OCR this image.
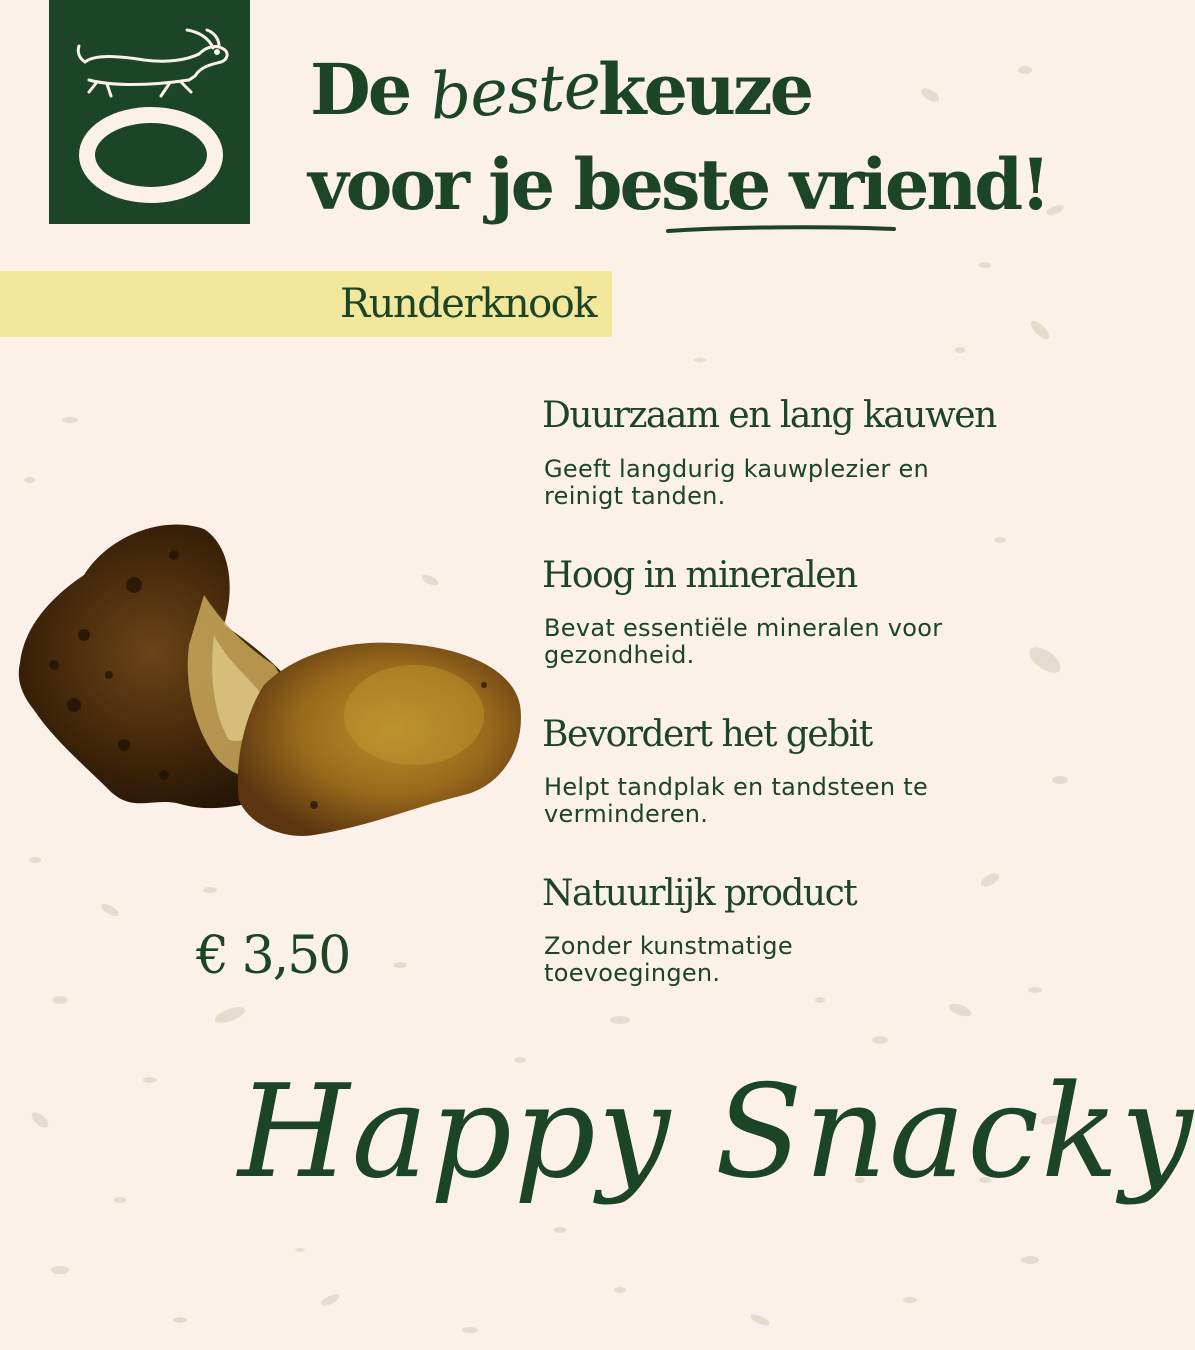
De beste
keuze
voor je beste vriend!
Runderknook
€ 3,50
Duurzaam en lang kauwen
Geeft langdurig kauwplezier en reinigt tanden.
Hoog in mineralen
Bevat essentiële mineralen voor gezondheid.
Bevordert het gebit
Helpt tandplak en tandsteen te verminderen.
Natuurlijk product
Zonder kunstmatige toevoegingen.
Happy Snacky
